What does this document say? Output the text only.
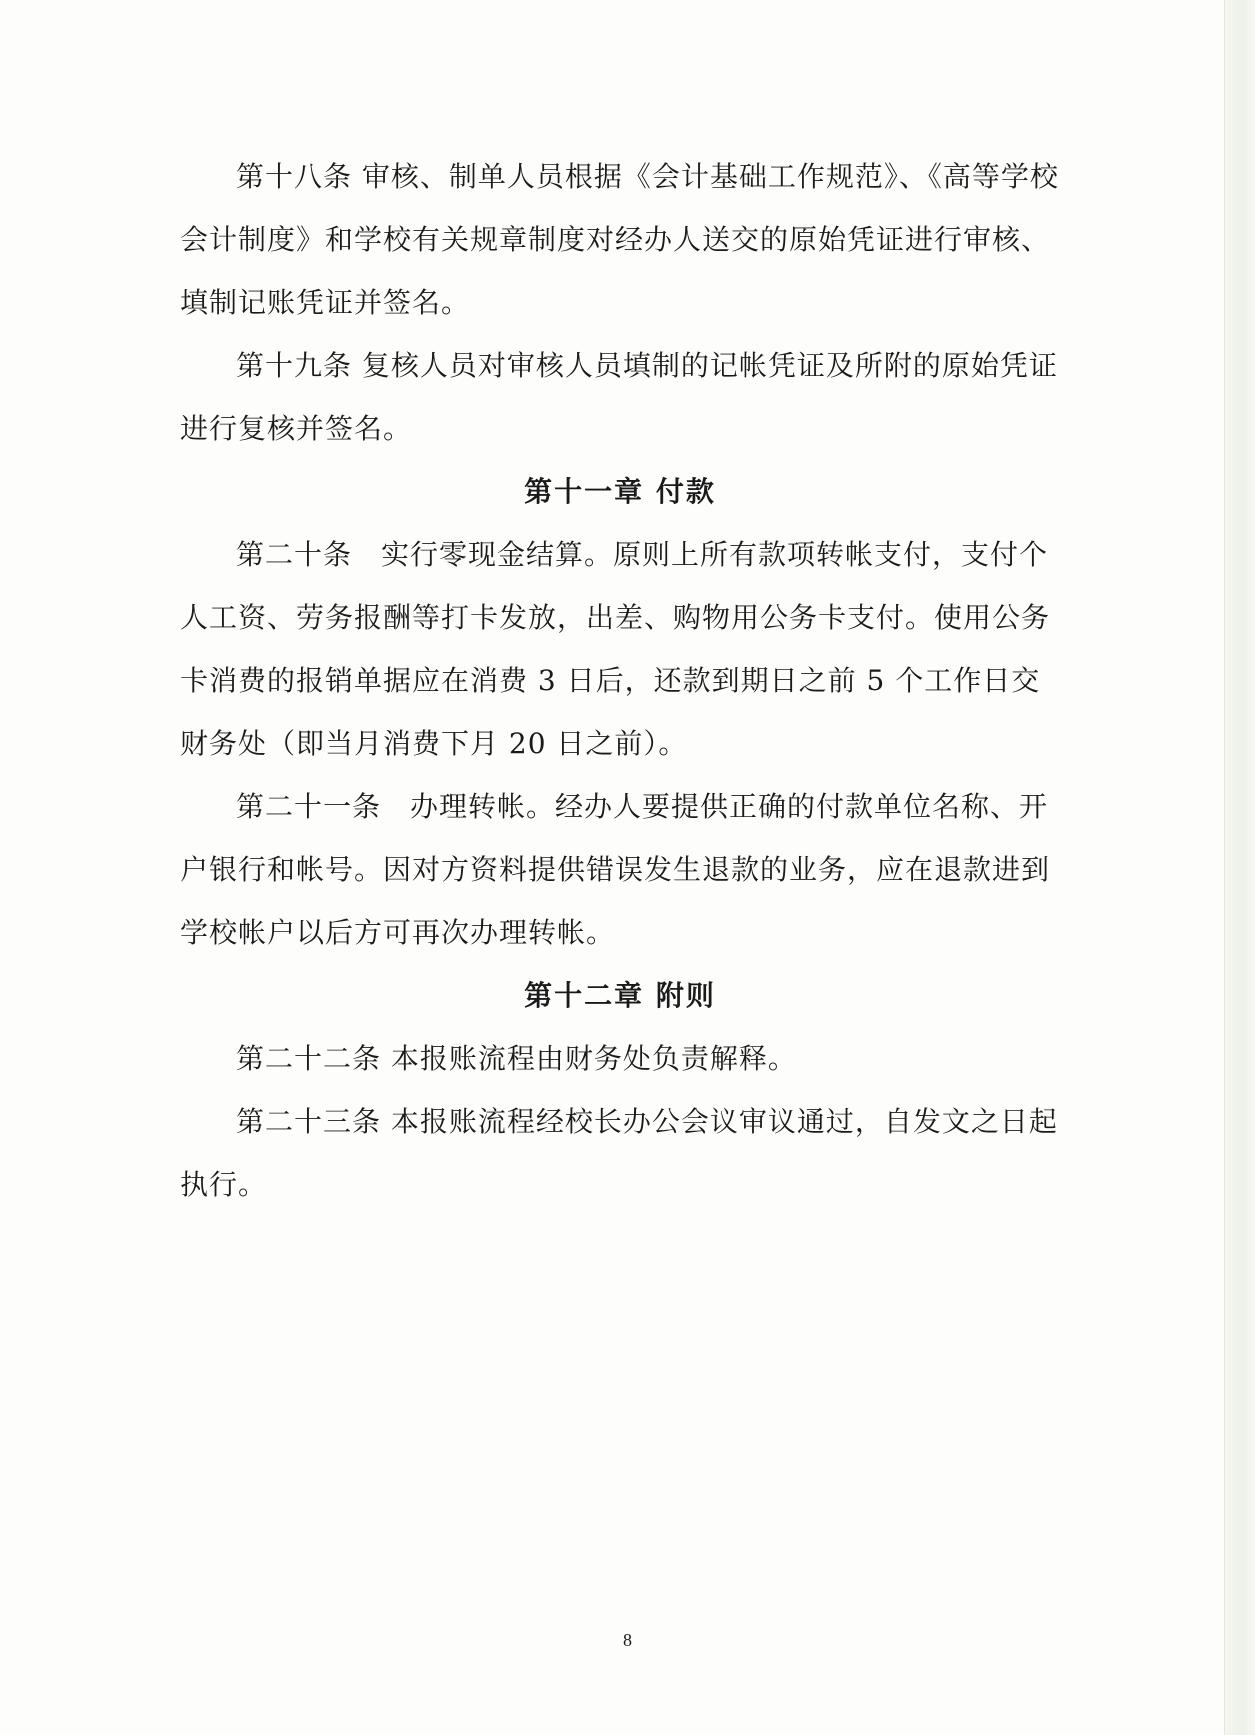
第十八条 审核、制单人员根据《会计基础工作规范》、《高等学校会计制度》和学校有关规章制度对经办人送交的原始凭证进行审核、填制记账凭证并签名。

第十九条 复核人员对审核人员填制的记帐凭证及所附的原始凭证进行复核并签名。

第十一章 付款

第二十条　实行零现金结算。原则上所有款项转帐支付，支付个人工资、劳务报酬等打卡发放，出差、购物用公务卡支付。使用公务卡消费的报销单据应在消费 3 日后，还款到期日之前 5 个工作日交财务处（即当月消费下月 20 日之前）。

第二十一条　办理转帐。经办人要提供正确的付款单位名称、开户银行和帐号。因对方资料提供错误发生退款的业务，应在退款进到学校帐户以后方可再次办理转帐。

第十二章 附则

第二十二条 本报账流程由财务处负责解释。

第二十三条 本报账流程经校长办公会议审议通过，自发文之日起执行。

8
